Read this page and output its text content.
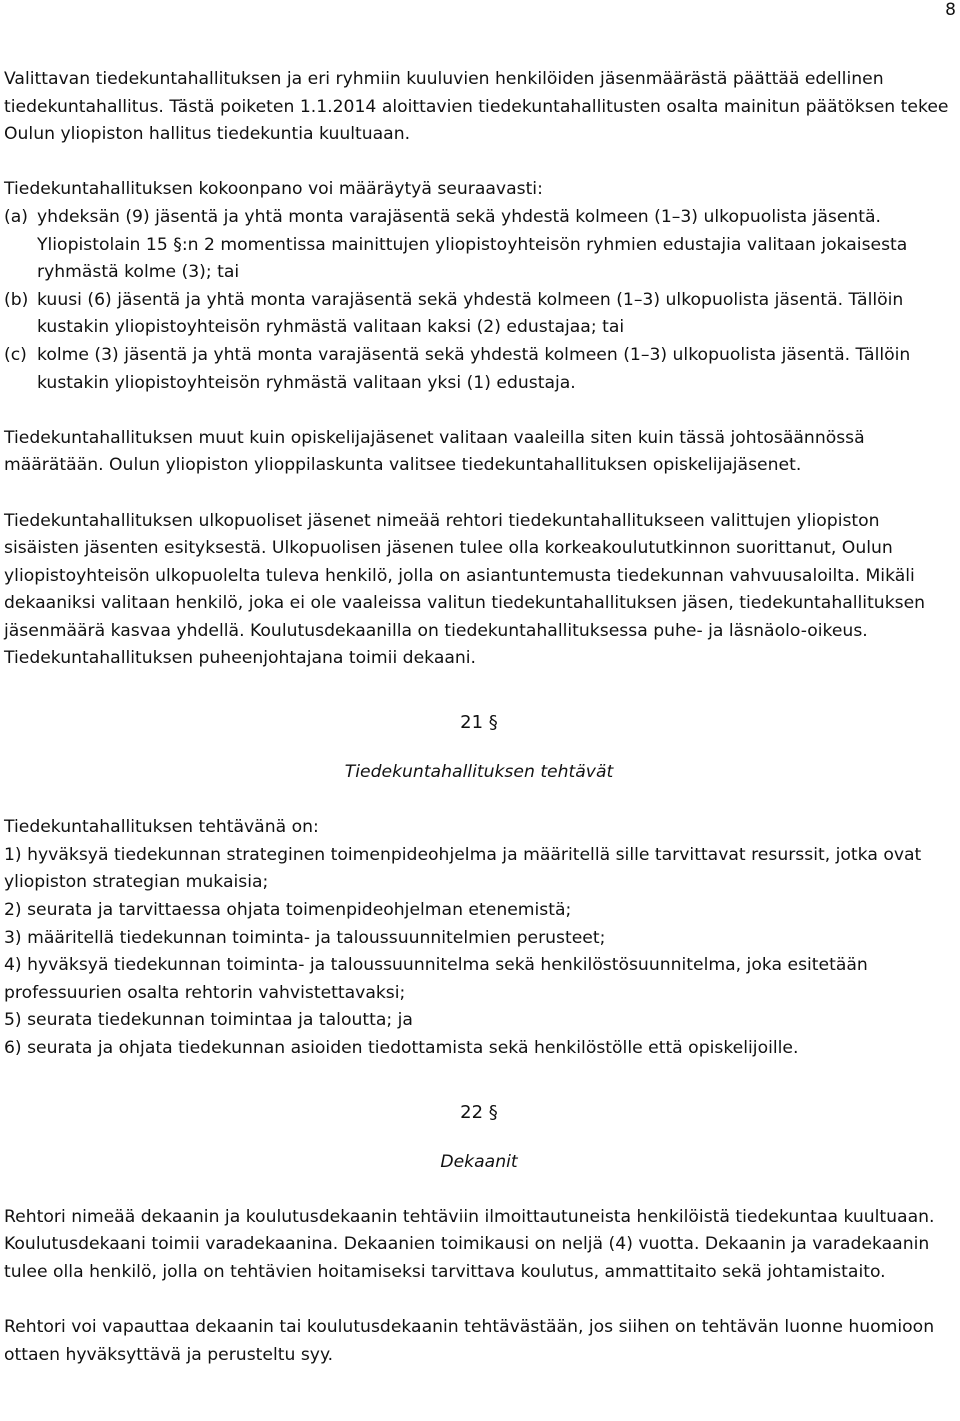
8

Valittavan tiedekuntahallituksen ja eri ryhmiin kuuluvien henkilöiden jäsenmäärästä päättää edellinen tiedekuntahallitus. Tästä poiketen 1.1.2014 aloittavien tiedekuntahallitusten osalta mainitun päätöksen tekee Oulun yliopiston hallitus tiedekuntia kuultuaan.

Tiedekuntahallituksen kokoonpano voi määräytyä seuraavasti:

(a) yhdeksän (9) jäsentä ja yhtä monta varajäsentä sekä yhdestä kolmeen (1–3) ulkopuolista jäsentä. Yliopistolain 15 §:n 2 momentissa mainittujen yliopistoyhteisön ryhmien edustajia valitaan jokaisesta ryhmästä kolme (3); tai
(b) kuusi (6) jäsentä ja yhtä monta varajäsentä sekä yhdestä kolmeen (1–3) ulkopuolista jäsentä. Tällöin kustakin yliopistoyhteisön ryhmästä valitaan kaksi (2) edustajaa; tai
(c) kolme (3) jäsentä ja yhtä monta varajäsentä sekä yhdestä kolmeen (1–3) ulkopuolista jäsentä. Tällöin kustakin yliopistoyhteisön ryhmästä valitaan yksi (1) edustaja.

Tiedekuntahallituksen muut kuin opiskelijajäsenet valitaan vaaleilla siten kuin tässä johtosäännössä määrätään. Oulun yliopiston ylioppilaskunta valitsee tiedekuntahallituksen opiskelijajäsenet.

Tiedekuntahallituksen ulkopuoliset jäsenet nimeää rehtori tiedekuntahallitukseen valittujen yliopiston sisäisten jäsenten esityksestä. Ulkopuolisen jäsenen tulee olla korkeakoulututkinnon suorittanut, Oulun yliopistoyhteisön ulkopuolelta tuleva henkilö, jolla on asiantuntemusta tiedekunnan vahvuusaloilta. Mikäli dekaaniksi valitaan henkilö, joka ei ole vaaleissa valitun tiedekuntahallituksen jäsen, tiedekuntahallituksen jäsenmäärä kasvaa yhdellä. Koulutusdekaanilla on tiedekuntahallituksessa puhe- ja läsnäolo-oikeus. Tiedekuntahallituksen puheenjohtajana toimii dekaani.

21 §
Tiedekuntahallituksen tehtävät

Tiedekuntahallituksen tehtävänä on:

1) hyväksyä tiedekunnan strateginen toimenpideohjelma ja määritellä sille tarvittavat resurssit, jotka ovat yliopiston strategian mukaisia;

2) seurata ja tarvittaessa ohjata toimenpideohjelman etenemistä;

3) määritellä tiedekunnan toiminta- ja taloussuunnitelmien perusteet;

4) hyväksyä tiedekunnan toiminta- ja taloussuunnitelma sekä henkilöstösuunnitelma, joka esitetään professuurien osalta rehtorin vahvistettavaksi;

5) seurata tiedekunnan toimintaa ja taloutta; ja

6) seurata ja ohjata tiedekunnan asioiden tiedottamista sekä henkilöstölle että opiskelijoille.

22 §
Dekaanit

Rehtori nimeää dekaanin ja koulutusdekaanin tehtäviin ilmoittautuneista henkilöistä tiedekuntaa kuultuaan. Koulutusdekaani toimii varadekaanina. Dekaanien toimikausi on neljä (4) vuotta. Dekaanin ja varadekaanin tulee olla henkilö, jolla on tehtävien hoitamiseksi tarvittava koulutus, ammattitaito sekä johtamistaito.

Rehtori voi vapauttaa dekaanin tai koulutusdekaanin tehtävästään, jos siihen on tehtävän luonne huomioon ottaen hyväksyttävä ja perusteltu syy.
